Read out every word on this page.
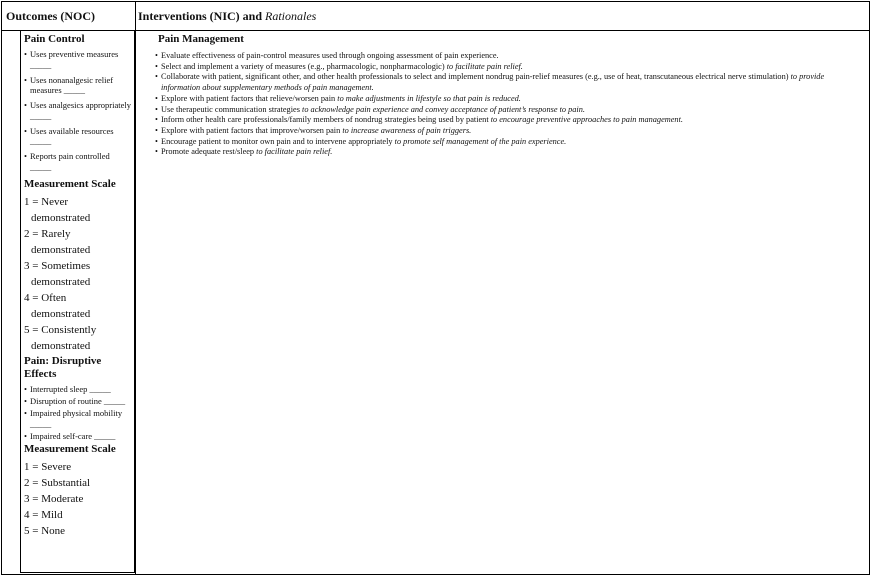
Outcomes (NOC)	Interventions (NIC) and Rationales
Pain Control
• Uses preventive measures _____
• Uses nonanalgesic relief measures _____
• Uses analgesics appropriately _____
• Uses available resources _____
• Reports pain controlled _____
Measurement Scale
1 = Never
demonstrated
2 = Rarely
demonstrated
3 = Sometimes
demonstrated
4 = Often
demonstrated
5 = Consistently
demonstrated
Pain: Disruptive Effects
• Interrupted sleep _____
• Disruption of routine _____
• Impaired physical mobility _____
• Impaired self-care _____
Measurement Scale
1 = Severe
2 = Substantial
3 = Moderate
4 = Mild
5 = None
Pain Management
• Evaluate effectiveness of pain-control measures used through ongoing assessment of pain experience.
• Select and implement a variety of measures (e.g., pharmacologic, nonpharmacologic) to facilitate pain relief.
• Collaborate with patient, significant other, and other health professionals to select and implement nondrug pain-relief measures (e.g., use of heat, transcutaneous electrical nerve stimulation) to provide information about supplementary methods of pain management.
• Explore with patient factors that relieve/worsen pain to make adjustments in lifestyle so that pain is reduced.
• Use therapeutic communication strategies to acknowledge pain experience and convey acceptance of patient’s response to pain.
• Inform other health care professionals/family members of nondrug strategies being used by patient to encourage preventive approaches to pain management.
• Explore with patient factors that improve/worsen pain to increase awareness of pain triggers.
• Encourage patient to monitor own pain and to intervene appropriately to promote self management of the pain experience.
• Promote adequate rest/sleep to facilitate pain relief.
